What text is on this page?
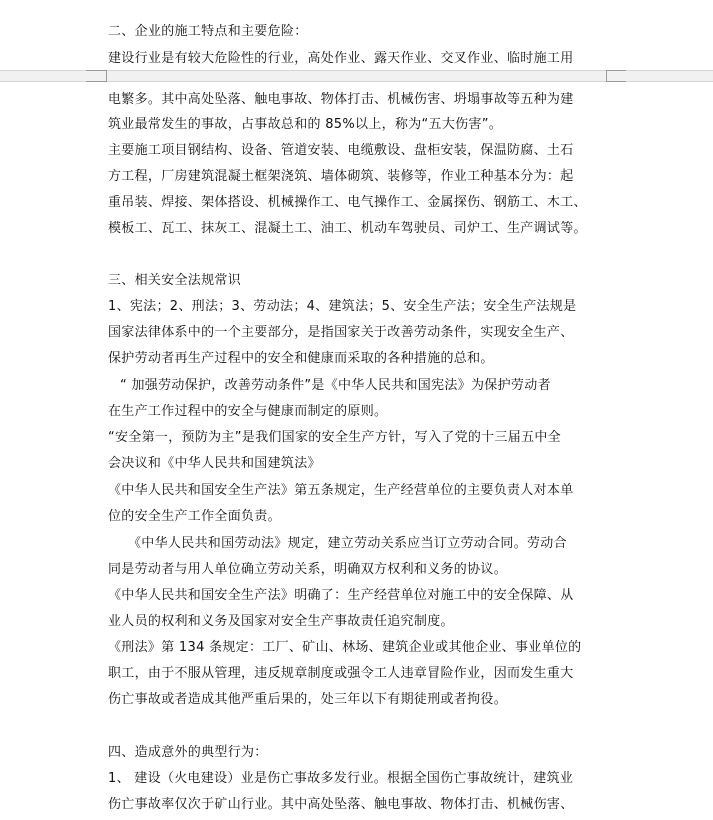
二、企业的施工特点和主要危险：
建设行业是有较大危险性的行业，高处作业、露天作业、交叉作业、临时施工用
电繁多。其中高处坠落、触电事故、物体打击、机械伤害、坍塌事故等五种为建
筑业最常发生的事故，占事故总和的 85%以上，称为“五大伤害”。
主要施工项目钢结构、设备、管道安装、电缆敷设、盘柜安装，保温防腐、土石
方工程，厂房建筑混凝土框架浇筑、墙体砌筑、装修等，作业工种基本分为：起
重吊装、焊接、架体搭设、机械操作工、电气操作工、金属探伤、钢筋工、木工、
模板工、瓦工、抹灰工、混凝土工、油工、机动车驾驶员、司炉工、生产调试等。
三、相关安全法规常识
1、宪法；2、刑法；3、劳动法；4、建筑法；5、安全生产法；安全生产法规是
国家法律体系中的一个主要部分，是指国家关于改善劳动条件，实现安全生产、
保护劳动者再生产过程中的安全和健康而采取的各种措施的总和。
“ 加强劳动保护，改善劳动条件”是《中华人民共和国宪法》为保护劳动者
在生产工作过程中的安全与健康而制定的原则。
“安全第一，预防为主”是我们国家的安全生产方针，写入了党的十三届五中全
会决议和《中华人民共和国建筑法》
《中华人民共和国安全生产法》第五条规定，生产经营单位的主要负责人对本单
位的安全生产工作全面负责。
《中华人民共和国劳动法》规定，建立劳动关系应当订立劳动合同。劳动合
同是劳动者与用人单位确立劳动关系，明确双方权利和义务的协议。
《中华人民共和国安全生产法》明确了：生产经营单位对施工中的安全保障、从
业人员的权利和义务及国家对安全生产事故责任追究制度。
《刑法》第 134 条规定：工厂、矿山、林场、建筑企业或其他企业、事业单位的
职工，由于不服从管理，违反规章制度或强令工人违章冒险作业，因而发生重大
伤亡事故或者造成其他严重后果的，处三年以下有期徒刑或者拘役。
四、造成意外的典型行为：
1、 建设（火电建设）业是伤亡事故多发行业。根据全国伤亡事故统计，建筑业
伤亡事故率仅次于矿山行业。其中高处坠落、触电事故、物体打击、机械伤害、
